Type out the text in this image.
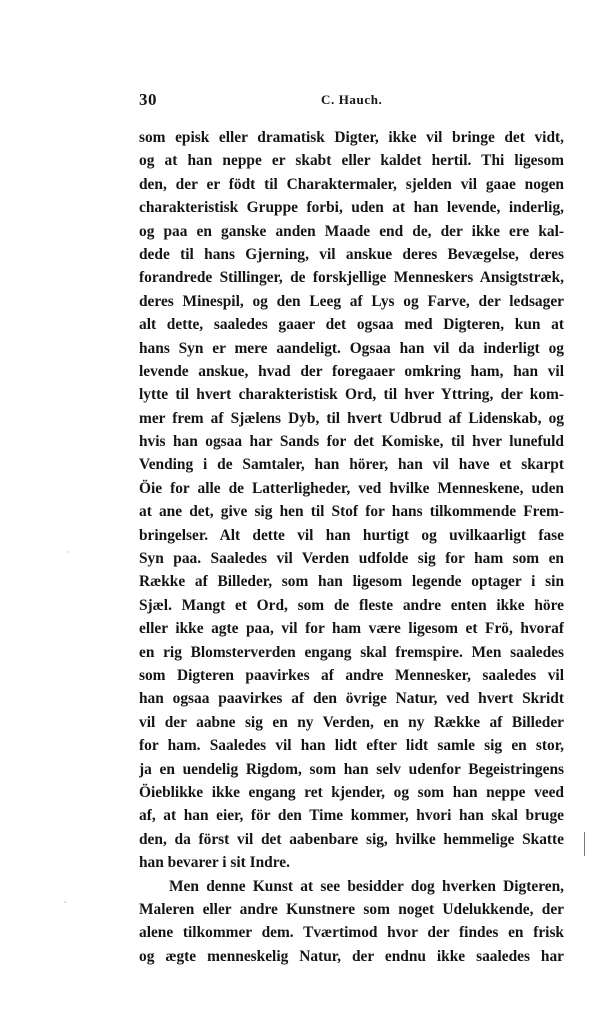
30	C. Hauch.
som episk eller dramatisk Digter, ikke vil bringe det vidt,
og at han neppe er skabt eller kaldet hertil. Thi ligesom
den, der er födt til Charaktermaler, sjelden vil gaae nogen
charakteristisk Gruppe forbi, uden at han levende, inderlig,
og paa en ganske anden Maade end de, der ikke ere kal-
dede til hans Gjerning, vil anskue deres Bevægelse, deres
forandrede Stillinger, de forskjellige Menneskers Ansigtstræk,
deres Minespil, og den Leeg af Lys og Farve, der ledsager
alt dette, saaledes gaaer det ogsaa med Digteren, kun at
hans Syn er mere aandeligt. Ogsaa han vil da inderligt og
levende anskue, hvad der foregaaer omkring ham, han vil
lytte til hvert charakteristisk Ord, til hver Yttring, der kom-
mer frem af Sjælens Dyb, til hvert Udbrud af Lidenskab, og
hvis han ogsaa har Sands for det Komiske, til hver lunefuld
Vending i de Samtaler, han hörer, han vil have et skarpt
Öie for alle de Latterligheder, ved hvilke Menneskene, uden
at ane det, give sig hen til Stof for hans tilkommende Frem-
bringelser. Alt dette vil han hurtigt og uvilkaarligt fase
Syn paa. Saaledes vil Verden udfolde sig for ham som en
Række af Billeder, som han ligesom legende optager i sin
Sjæl. Mangt et Ord, som de fleste andre enten ikke höre
eller ikke agte paa, vil for ham være ligesom et Frö, hvoraf
en rig Blomsterverden engang skal fremspire. Men saaledes
som Digteren paavirkes af andre Mennesker, saaledes vil
han ogsaa paavirkes af den övrige Natur, ved hvert Skridt
vil der aabne sig en ny Verden, en ny Række af Billeder
for ham. Saaledes vil han lidt efter lidt samle sig en stor,
ja en uendelig Rigdom, som han selv udenfor Begeistringens
Öieblikke ikke engang ret kjender, og som han neppe veed
af, at han eier, för den Time kommer, hvori han skal bruge
den, da först vil det aabenbare sig, hvilke hemmelige Skatte
han bevarer i sit Indre.
Men denne Kunst at see besidder dog hverken Digteren,
Maleren eller andre Kunstnere som noget Udelukkende, der
alene tilkommer dem. Tværtimod hvor der findes en frisk
og ægte menneskelig Natur, der endnu ikke saaledes har
·
˛
